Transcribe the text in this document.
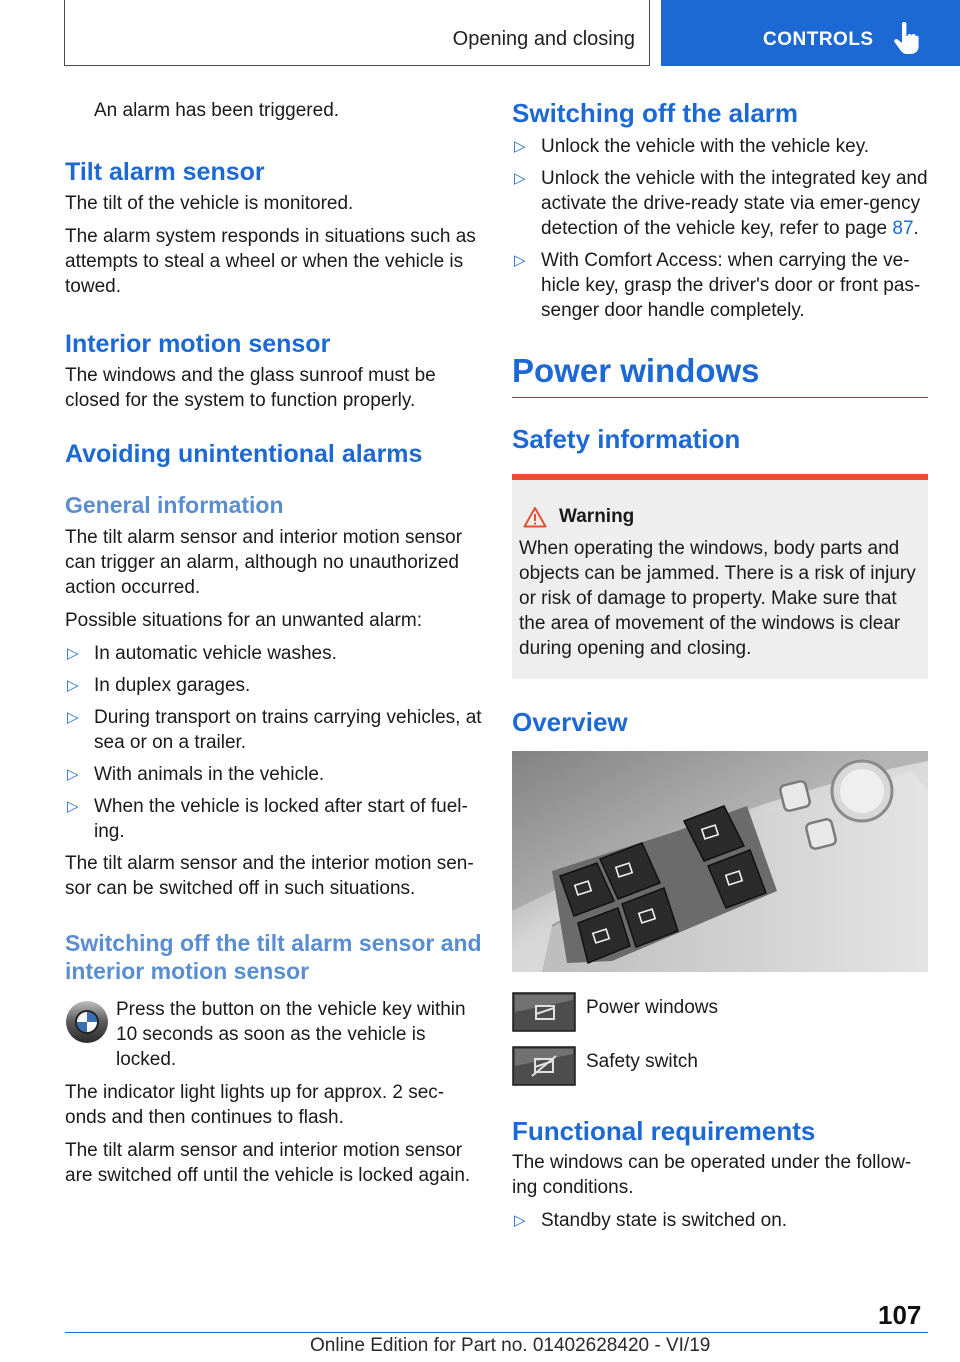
Opening and closing	CONTROLS

An alarm has been triggered.

Tilt alarm sensor

The tilt of the vehicle is monitored.

The alarm system responds in situations such as attempts to steal a wheel or when the vehicle is towed.

Interior motion sensor

The windows and the glass sunroof must be closed for the system to function properly.

Avoiding unintentional alarms
General information

The tilt alarm sensor and interior motion sensor can trigger an alarm, although no unauthorized action occurred.

Possible situations for an unwanted alarm:

▷ In automatic vehicle washes.
▷ In duplex garages.
▷ During transport on trains carrying vehicles, at sea or on a trailer.
▷ With animals in the vehicle.
▷ When the vehicle is locked after start of fuel-ing.

The tilt alarm sensor and the interior motion sen-sor can be switched off in such situations.

Switching off the tilt alarm sensor and interior motion sensor

Press the button on the vehicle key within 10 seconds as soon as the vehicle is locked.

The indicator light lights up for approx. 2 sec-onds and then continues to flash.

The tilt alarm sensor and interior motion sensor are switched off until the vehicle is locked again.

Switching off the alarm
▷ Unlock the vehicle with the vehicle key.
▷ Unlock the vehicle with the integrated key and activate the drive-ready state via emer-gency detection of the vehicle key, refer to page 87.
▷ With Comfort Access: when carrying the ve-hicle key, grasp the driver's door or front pas-senger door handle completely.
Power windows
Safety information
Warning

When operating the windows, body parts and objects can be jammed. There is a risk of injury or risk of damage to property. Make sure that the area of movement of the windows is clear during opening and closing.

Overview
Power windows
Safety switch
Functional requirements

The windows can be operated under the follow-ing conditions.

▷ Standby state is switched on.
107
Online Edition for Part no. 01402628420 - VI/19
